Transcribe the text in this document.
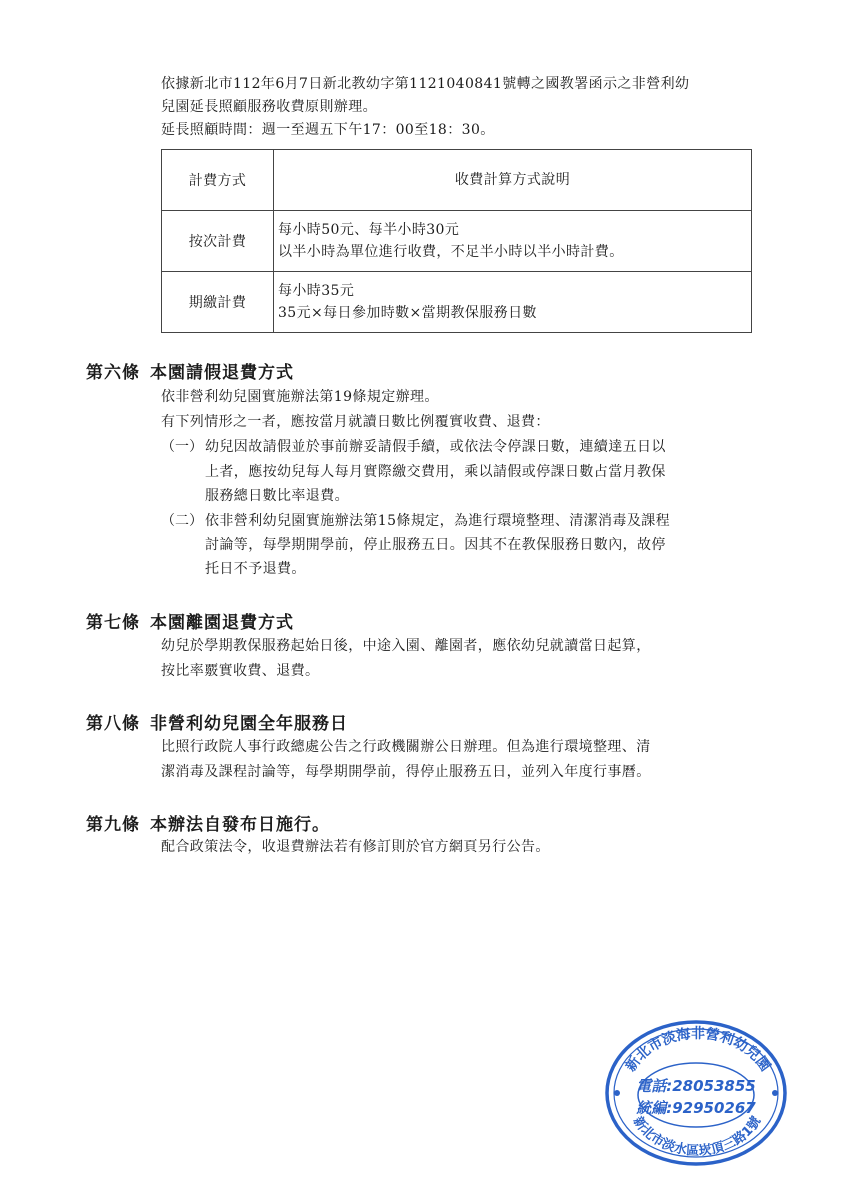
依據新北市112年6月7日新北教幼字第1121040841號轉之國教署函示之非營利幼
兒園延長照顧服務收費原則辦理。
延長照顧時間：週一至週五下午17：00至18：30。
計費方式	收費計算方式說明
按次計費	每小時50元、每半小時30元
以半小時為單位進行收費，不足半小時以半小時計費。

期繳計費	每小時35元
35元×每日參加時數×當期教保服務日數
第六條 本園請假退費方式
依非營利幼兒園實施辦法第19條規定辦理。
有下列情形之一者，應按當月就讀日數比例覆實收費、退費：
（一） 幼兒因故請假並於事前辦妥請假手續，或依法令停課日數，連續達五日以
上者，應按幼兒每人每月實際繳交費用，乘以請假或停課日數占當月教保
服務總日數比率退費。
（二） 依非營利幼兒園實施辦法第15條規定，為進行環境整理、清潔消毒及課程
討論等，每學期開學前，停止服務五日。因其不在教保服務日數內，故停
托日不予退費。
第七條 本園離園退費方式
幼兒於學期教保服務起始日後，中途入園、離園者，應依幼兒就讀當日起算，
按比率覈實收費、退費。
第八條 非營利幼兒園全年服務日
比照行政院人事行政總處公告之行政機關辦公日辦理。但為進行環境整理、清
潔消毒及課程討論等，每學期開學前，得停止服務五日，並列入年度行事曆。
第九條 本辦法自發布日施行。
配合政策法令，收退費辦法若有修訂則於官方網頁另行公告。
新北市淡海非營利幼兒園
新北市淡水區崁頂三路1號
電話:28053855
統編:92950267
